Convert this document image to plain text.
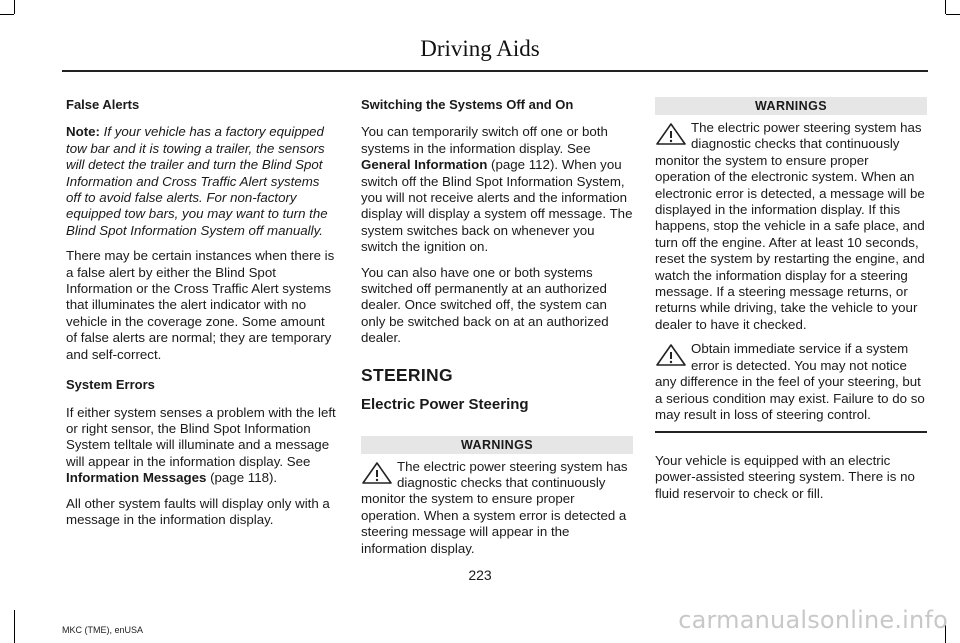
Driving Aids
False Alerts

Note: If your vehicle has a factory equipped tow bar and it is towing a trailer, the sensors will detect the trailer and turn the Blind Spot Information and Cross Traffic Alert systems off to avoid false alerts. For non-factory equipped tow bars, you may want to turn the Blind Spot Information System off manually.

There may be certain instances when there is a false alert by either the Blind Spot Information or the Cross Traffic Alert systems that illuminates the alert indicator with no vehicle in the coverage zone. Some amount of false alerts are normal; they are temporary and self-correct.

System Errors

If either system senses a problem with the left or right sensor, the Blind Spot Information System telltale will illuminate and a message will appear in the information display. See Information Messages (page 118).

All other system faults will display only with a message in the information display.

Switching the Systems Off and On

You can temporarily switch off one or both systems in the information display. See General Information (page 112). When you switch off the Blind Spot Information System, you will not receive alerts and the information display will display a system off message. The system switches back on whenever you switch the ignition on.

You can also have one or both systems switched off permanently at an authorized dealer. Once switched off, the system can only be switched back on at an authorized dealer.

STEERING
Electric Power Steering
WARNINGS
The electric power steering system has diagnostic checks that continuously monitor the system to ensure proper operation. When a system error is detected a steering message will appear in the information display.
WARNINGS
The electric power steering system has diagnostic checks that continuously monitor the system to ensure proper operation of the electronic system. When an electronic error is detected, a message will be displayed in the information display. If this happens, stop the vehicle in a safe place, and turn off the engine. After at least 10 seconds, reset the system by restarting the engine, and watch the information display for a steering message. If a steering message returns, or returns while driving, take the vehicle to your dealer to have it checked.
Obtain immediate service if a system error is detected. You may not notice any difference in the feel of your steering, but a serious condition may exist. Failure to do so may result in loss of steering control.

Your vehicle is equipped with an electric power-assisted steering system. There is no fluid reservoir to check or fill.

223
MKC (TME), enUSA	carmanualsonline.info
